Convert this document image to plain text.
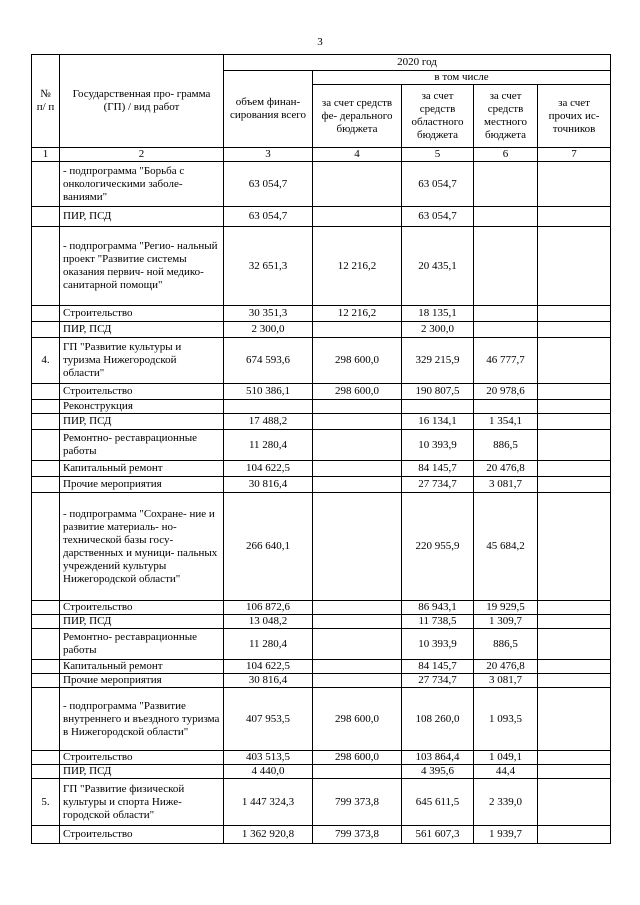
3
№ п/ п	Государственная про- грамма (ГП) / вид работ	2020 год				
		объем финан- сирования всего	в том числе			
			за счет средств фе- дерального бюджета	за счет средств областного бюджета	за счет средств местного бюджета	за счет прочих ис- точников
1	2	3	4	5	6	7
	- подпрограмма "Борьба с онкологическими заболе- ваниями"	63 054,7		63 054,7		
	ПИР, ПСД	63 054,7		63 054,7		
	- подпрограмма "Регио- нальный проект "Развитие системы оказания первич- ной медико-санитарной помощи"	32 651,3	12 216,2	20 435,1		
	Строительство	30 351,3	12 216,2	18 135,1		
	ПИР, ПСД	2 300,0		2 300,0		
4.	ГП "Развитие культуры и туризма Нижегородской области"	674 593,6	298 600,0	329 215,9	46 777,7	
	Строительство	510 386,1	298 600,0	190 807,5	20 978,6	
	Реконструкция					
	ПИР, ПСД	17 488,2		16 134,1	1 354,1	
	Ремонтно- реставрационные работы	11 280,4		10 393,9	886,5	
	Капитальный ремонт	104 622,5		84 145,7	20 476,8	
	Прочие мероприятия	30 816,4		27 734,7	3 081,7	
	- подпрограмма "Сохране- ние и развитие материаль- но-технической базы госу- дарственных и муници- пальных учреждений культуры Нижегородской области"	266 640,1		220 955,9	45 684,2	
	Строительство	106 872,6		86 943,1	19 929,5	
	ПИР, ПСД	13 048,2		11 738,5	1 309,7	
	Ремонтно- реставрационные работы	11 280,4		10 393,9	886,5	
	Капитальный ремонт	104 622,5		84 145,7	20 476,8	
	Прочие мероприятия	30 816,4		27 734,7	3 081,7	
	- подпрограмма "Развитие внутреннего и въездного туризма в Нижегородской области"	407 953,5	298 600,0	108 260,0	1 093,5	
	Строительство	403 513,5	298 600,0	103 864,4	1 049,1	
	ПИР, ПСД	4 440,0		4 395,6	44,4	
5.	ГП "Развитие физической культуры и спорта Ниже- городской области"	1 447 324,3	799 373,8	645 611,5	2 339,0	
	Строительство	1 362 920,8	799 373,8	561 607,3	1 939,7	
